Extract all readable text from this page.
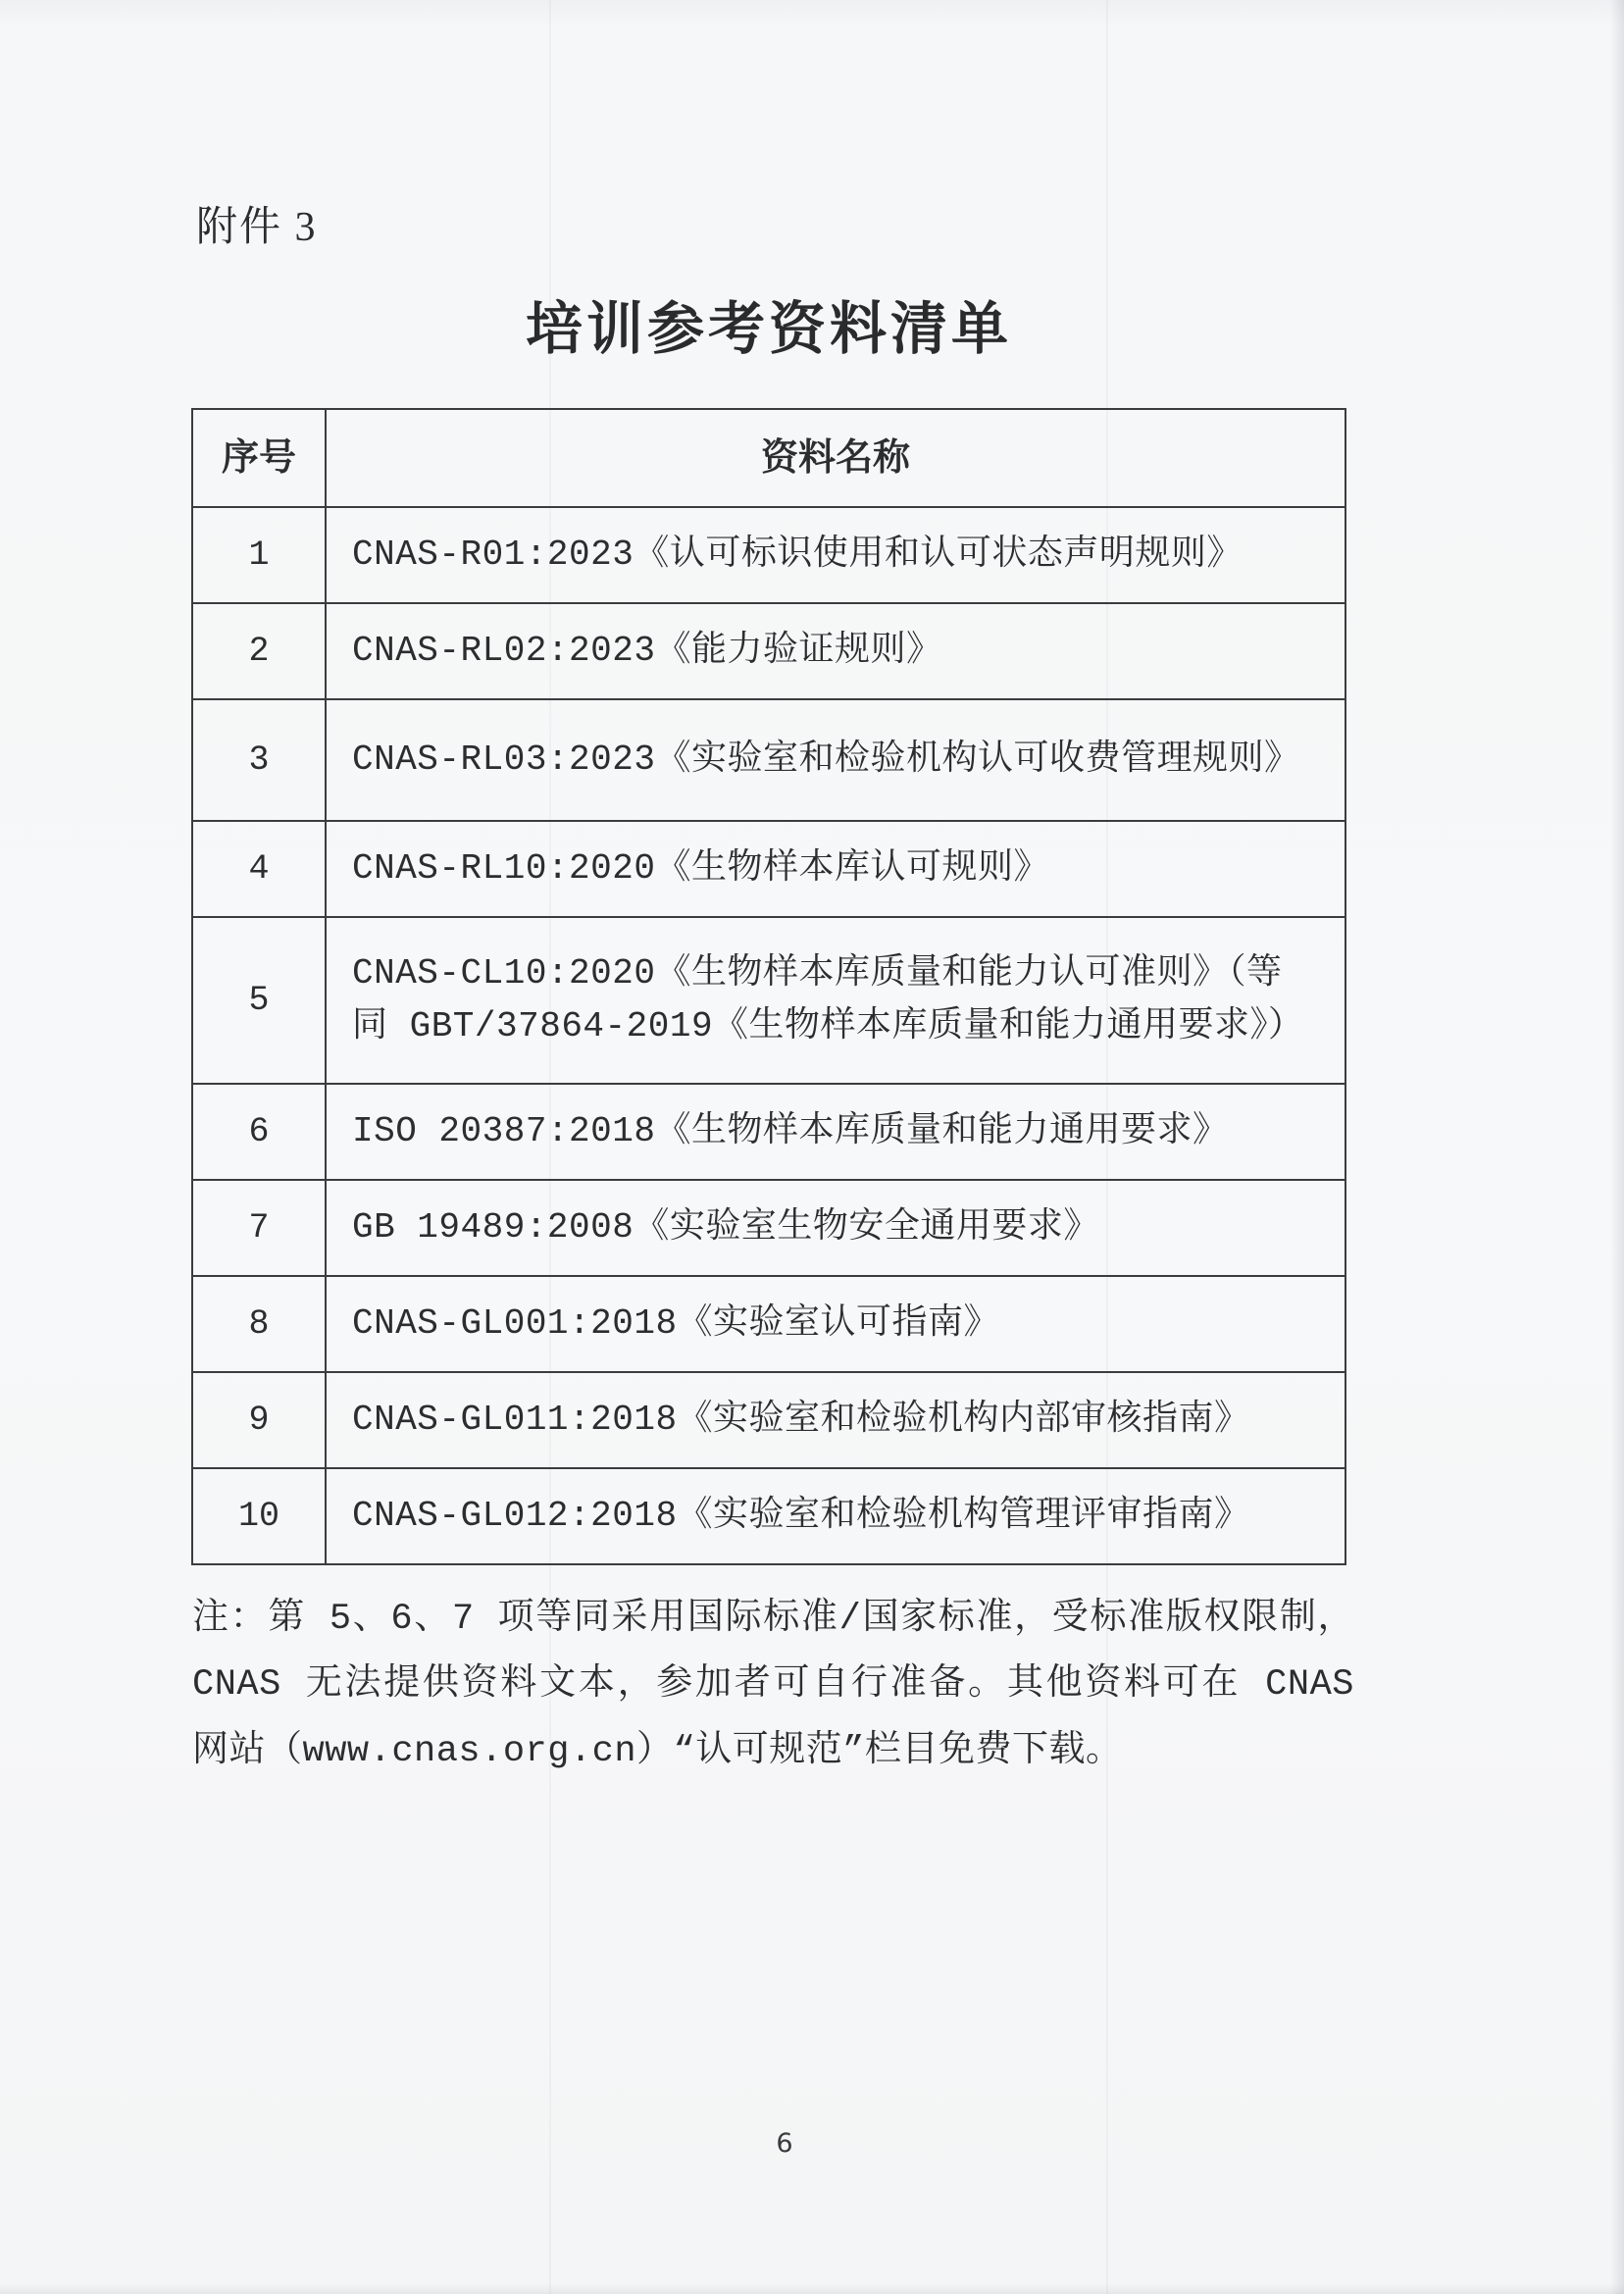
附件 3
培训参考资料清单
序号	资料名称
1	CNAS-R01:2023《认可标识使用和认可状态声明规则》
2	CNAS-RL02:2023《能力验证规则》
3	CNAS-RL03:2023《实验室和检验机构认可收费管理规则》
4	CNAS-RL10:2020《生物样本库认可规则》
5	CNAS-CL10:2020《生物样本库质量和能力认可准则》（等同 GBT/37864-2019《生物样本库质量和能力通用要求》）
6	ISO 20387:2018《生物样本库质量和能力通用要求》
7	GB 19489:2008《实验室生物安全通用要求》
8	CNAS-GL001:2018《实验室认可指南》
9	CNAS-GL011:2018《实验室和检验机构内部审核指南》
10	CNAS-GL012:2018《实验室和检验机构管理评审指南》
注：第 5、6、7 项等同采用国际标准/国家标准，受标准版权限制，CNAS 无法提供资料文本，参加者可自行准备。其他资料可在 CNAS 网站（www.cnas.org.cn）“认可规范”栏目免费下载。
6
